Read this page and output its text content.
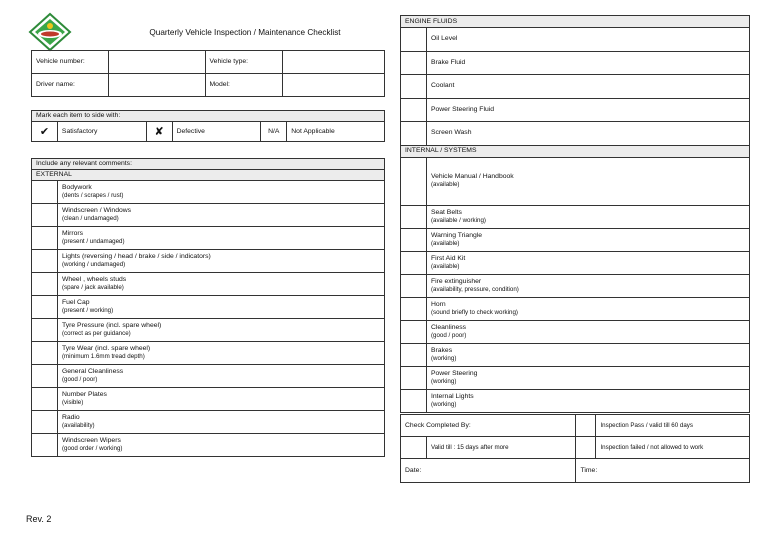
Quarterly Vehicle Inspection / Maintenance Checklist
Vehicle number:		Vehicle type:	
Driver name:		Model:	
Mark each item to side with:
✔	Satisfactory	✘	Defective	N/A	Not Applicable
Include any relevant comments:	
EXTERNAL	

	Bodywork
(dents / scrapes / rust)

	Windscreen / Windows
(clean / undamaged)

	Mirrors
(present / undamaged)

	Lights (reversing / head / brake / side / indicators)
(working / undamaged)

	Wheel , wheels studs
(spare / jack available)

	Fuel Cap
(present / working)

	Tyre Pressure (incl. spare wheel)
(correct as per guidance)

	Tyre Wear (incl. spare wheel)
(minimum 1.6mm tread depth)

	General Cleanliness
(good / poor)

	Number Plates
(visible)

	Radio
(availability)

	Windscreen Wipers
(good order / working)
ENGINE FLUIDS	
	Oil Level
	Brake Fluid
	Coolant
	Power Steering Fluid
	Screen Wash
INTERNAL / SYSTEMS	

	Vehicle Manual / Handbook
(available)

	Seat Belts
(available / working)

	Warning Triangle
(available)

	First Aid Kit
(available)

	Fire extinguisher
(availability, pressure, condition)

	Horn
(sound briefly to check working)

	Cleanliness
(good / poor)

	Brakes
(working)

	Power Steering
(working)

	Internal Lights
(working)
Check Completed By:			Inspection Pass / valid till 60 days
	Valid till : 15 days after more		Inspection failed / not allowed to work
Date:		Time:	
Rev. 2
